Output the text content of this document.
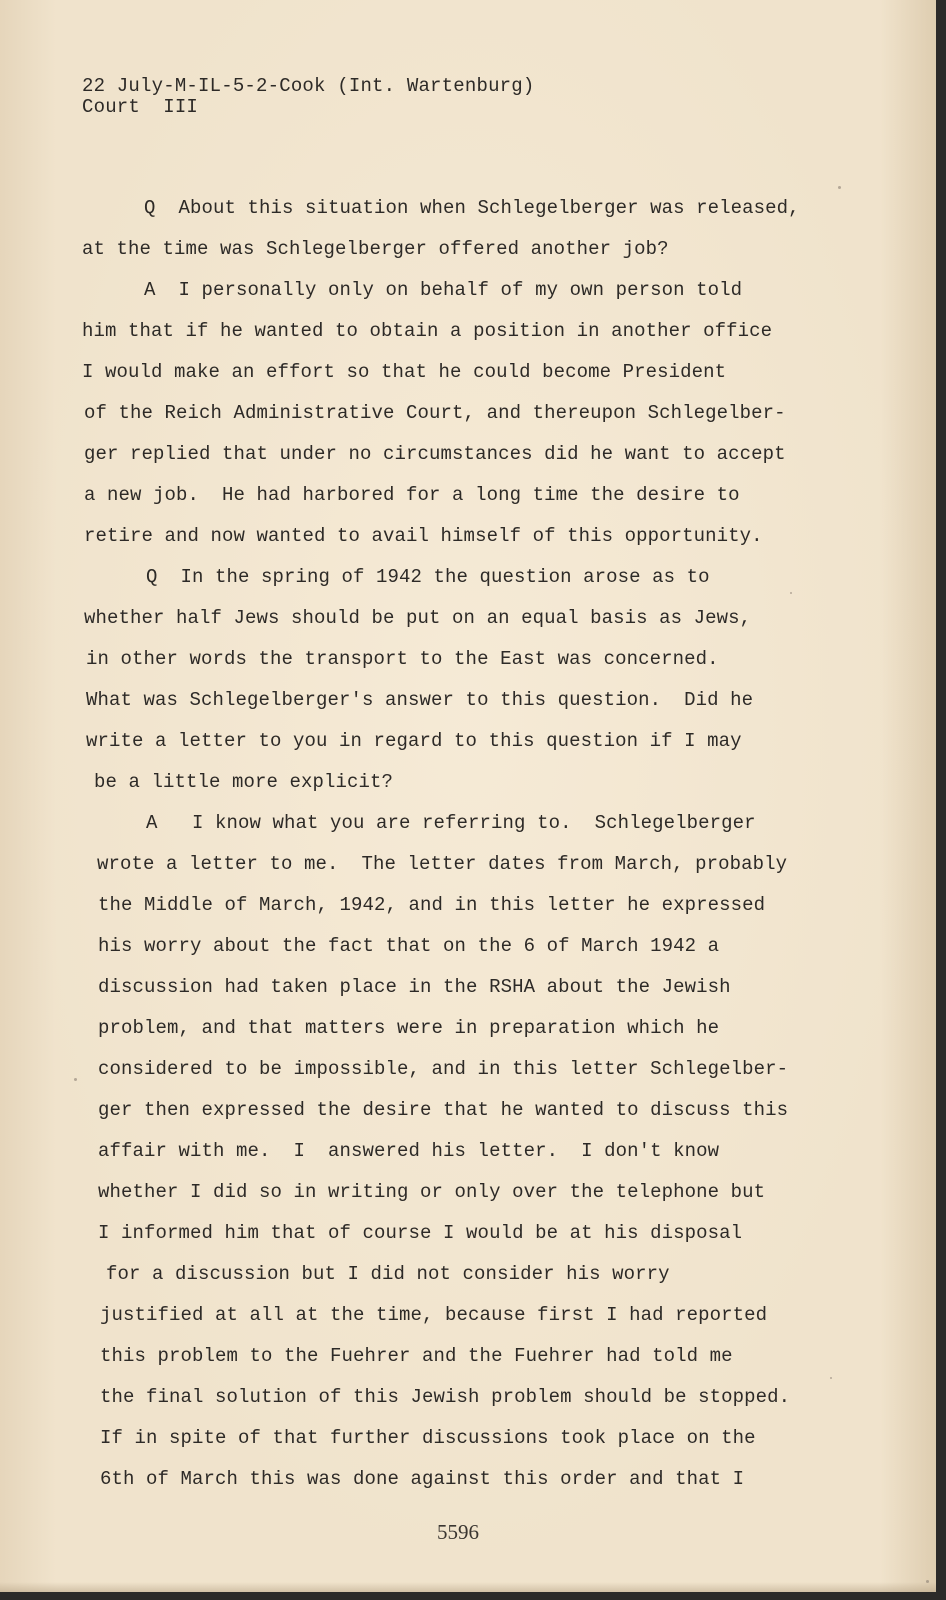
22 July-M-IL-5-2-Cook (Int. Wartenburg)
Court  III
Q  About this situation when Schlegelberger was released,
at the time was Schlegelberger offered another job?
A  I personally only on behalf of my own person told
him that if he wanted to obtain a position in another office
I would make an effort so that he could become President
of the Reich Administrative Court, and thereupon Schlegelber-
ger replied that under no circumstances did he want to accept
a new job.  He had harbored for a long time the desire to
retire and now wanted to avail himself of this opportunity.
Q  In the spring of 1942 the question arose as to
whether half Jews should be put on an equal basis as Jews,
in other words the transport to the East was concerned.
What was Schlegelberger's answer to this question.  Did he
write a letter to you in regard to this question if I may
be a little more explicit?
A   I know what you are referring to.  Schlegelberger
wrote a letter to me.  The letter dates from March, probably
the Middle of March, 1942, and in this letter he expressed
his worry about the fact that on the 6 of March 1942 a
discussion had taken place in the RSHA about the Jewish
problem, and that matters were in preparation which he
considered to be impossible, and in this letter Schlegelber-
ger then expressed the desire that he wanted to discuss this
affair with me.  I  answered his letter.  I don't know
whether I did so in writing or only over the telephone but
I informed him that of course I would be at his disposal
for a discussion but I did not consider his worry
justified at all at the time, because first I had reported
this problem to the Fuehrer and the Fuehrer had told me
the final solution of this Jewish problem should be stopped.
If in spite of that further discussions took place on the
6th of March this was done against this order and that I
5596
